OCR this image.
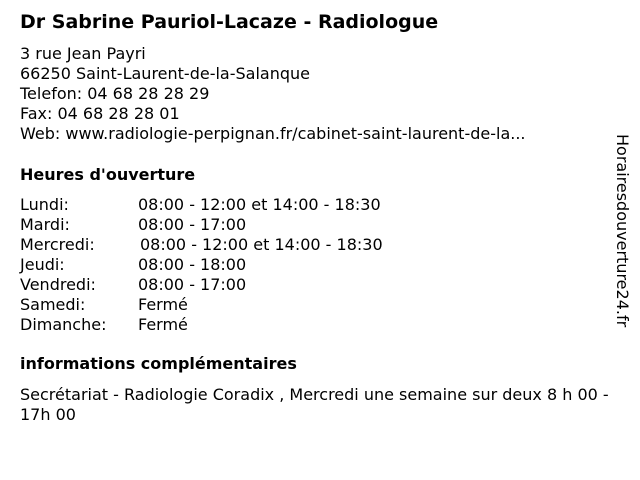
Dr Sabrine Pauriol-Lacaze - Radiologue
3 rue Jean Payri
66250 Saint-Laurent-de-la-Salanque
Telefon: 04 68 28 28 29
Fax: 04 68 28 28 01
Web: www.radiologie-perpignan.fr/cabinet-saint-laurent-de-la...
Heures d'ouverture
Lundi:	08:00 - 12:00 et 14:00 - 18:30
Mardi:	08:00 - 17:00
Mercredi:	08:00 - 12:00 et 14:00 - 18:30
Jeudi:	08:00 - 18:00
Vendredi:	08:00 - 17:00
Samedi:	Fermé
Dimanche: Fermé
informations complémentaires
Secrétariat - Radiologie Coradix , Mercredi une semaine sur deux 8 h 00 - 17h 00
Horairesdouverture24.fr
